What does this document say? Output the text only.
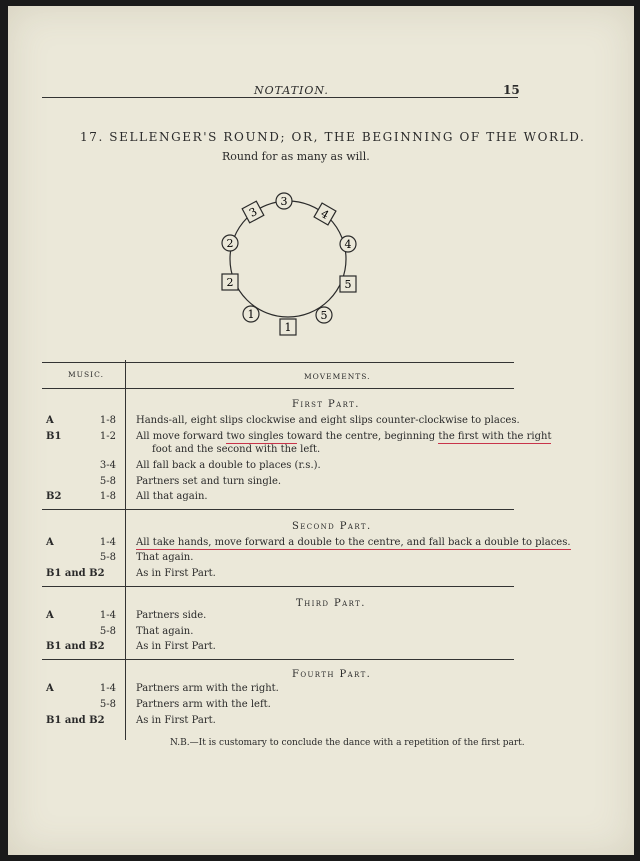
NOTATION.	15
17. SELLENGER'S ROUND; OR, THE BEGINNING OF THE WORLD.
Round for as many as will.
3
2	4
1	5
3	4
2	5
1
MUSIC.	MOVEMENTS.
First Part.
A	1-8 Hands-all, eight slips clockwise and eight slips counter-clockwise to places.
B1	1-2 All move forward two singles toward the centre, beginning the first with the right
foot and the second with the left.
3-4 All fall back a double to places (r.s.).
5-8 Partners set and turn single.
B2	1-8 All that again.
Second Part.
A	1-4 All take hands, move forward a double to the centre, and fall back a double to places.
5-8 That again.
B1 and B2	As in First Part.
Third Part.
A	1-4 Partners side.
5-8 That again.
B1 and B2	As in First Part.
Fourth Part.
A	1-4 Partners arm with the right.
5-8 Partners arm with the left.
B1 and B2	As in First Part.
N.B.—It is customary to conclude the dance with a repetition of the first part.
